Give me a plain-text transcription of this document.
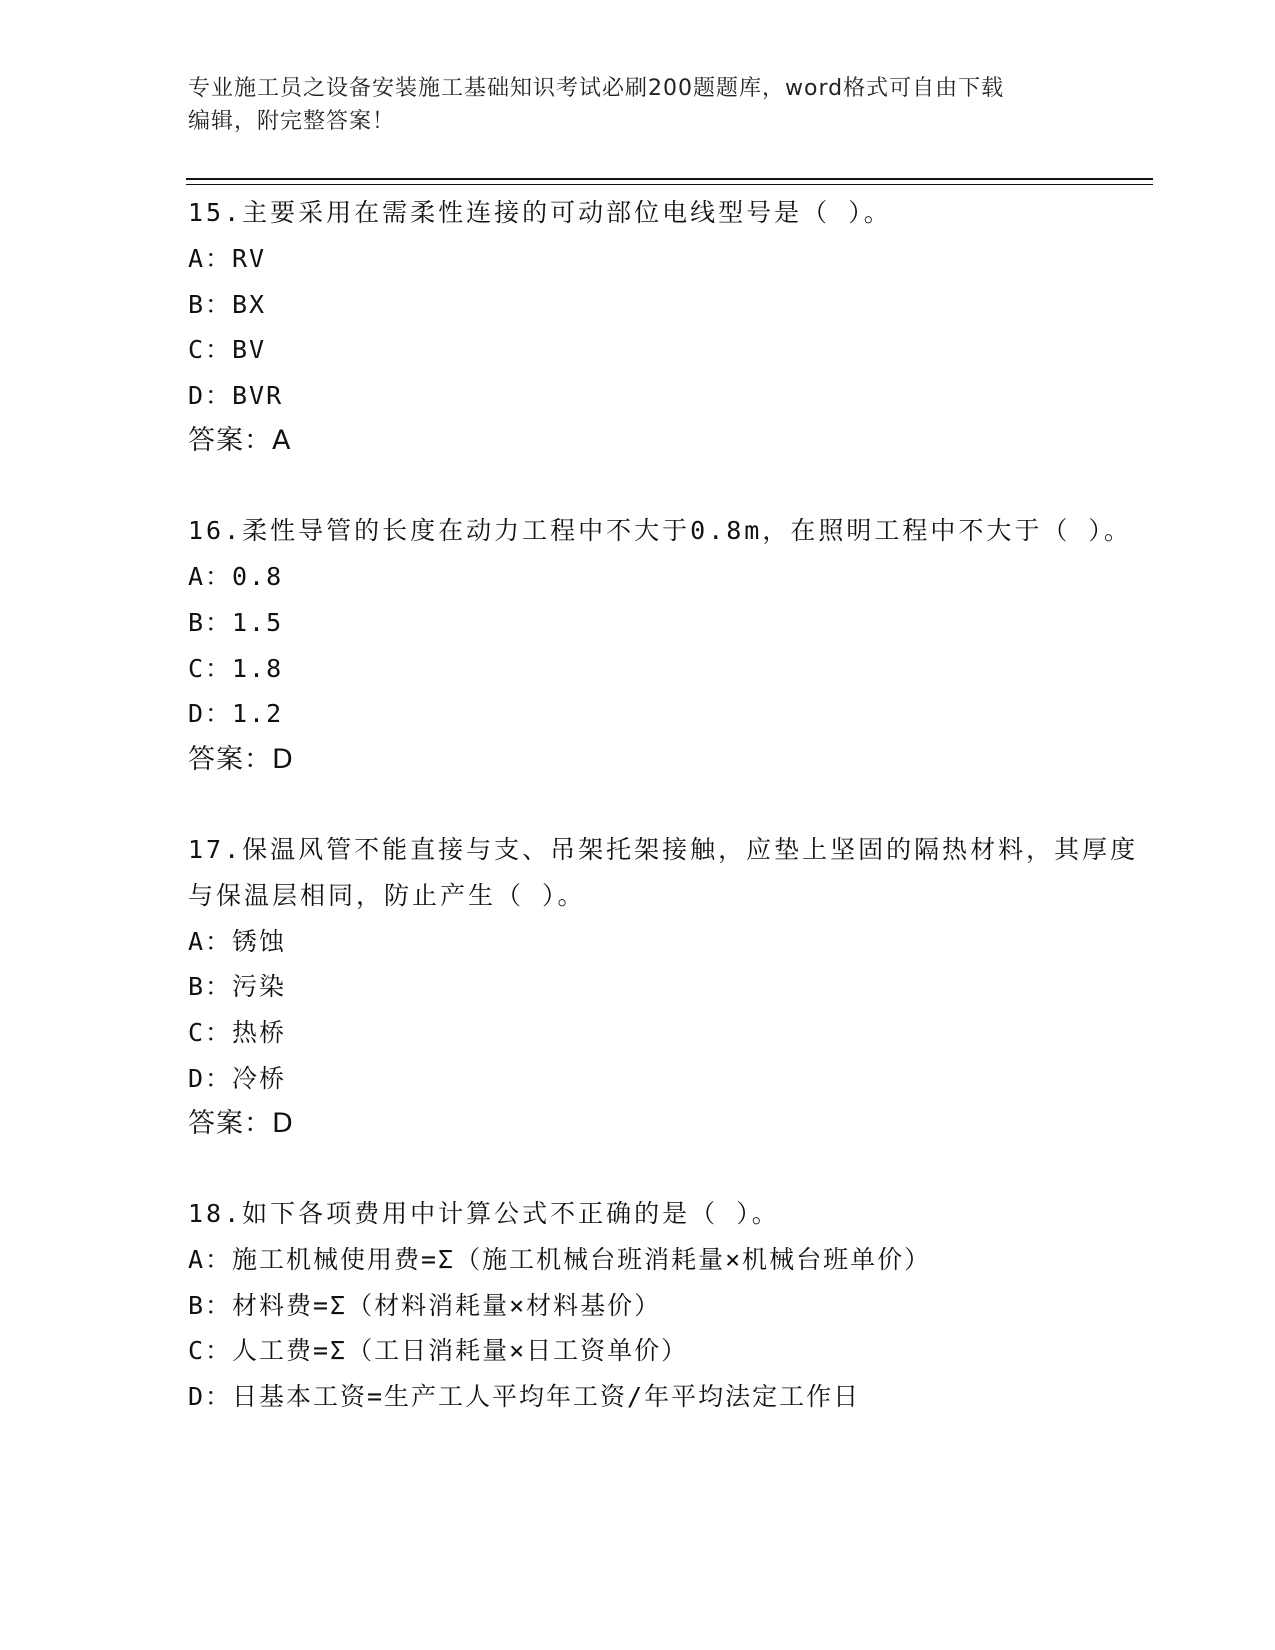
专业施工员之设备安装施工基础知识考试必刷200题题库，word格式可自由下载
编辑，附完整答案！

15.主要采用在需柔性连接的可动部位电线型号是（ ）。

A：RV

B：BX

C：BV

D：BVR

答案：A

16.柔性导管的长度在动力工程中不大于0.8m，在照明工程中不大于（ ）。

A：0.8

B：1.5

C：1.8

D：1.2

答案：D

17.保温风管不能直接与支、吊架托架接触，应垫上坚固的隔热材料，其厚度与保温层相同，防止产生（ ）。

A：锈蚀

B：污染

C：热桥

D：冷桥

答案：D

18.如下各项费用中计算公式不正确的是（ ）。

A：施工机械使用费=Σ（施工机械台班消耗量×机械台班单价）

B：材料费=Σ（材料消耗量×材料基价）

C：人工费=Σ（工日消耗量×日工资单价）

D：日基本工资=生产工人平均年工资/年平均法定工作日
